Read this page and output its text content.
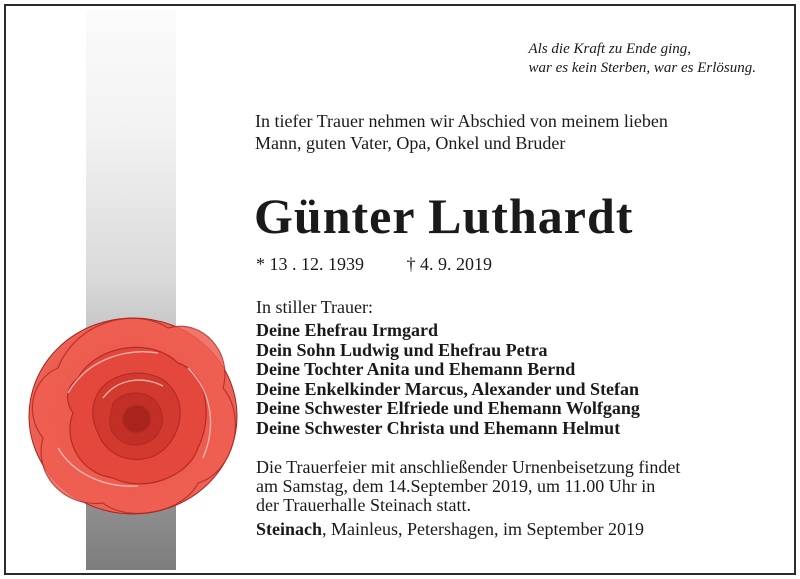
Als die Kraft zu Ende ging,
war es kein Sterben, war es Erlösung.
In tiefer Trauer nehmen wir Abschied von meinem lieben
Mann, guten Vater, Opa, Onkel und Bruder
Günter Luthardt
* 13 . 12. 1939 † 4. 9. 2019
In stiller Trauer:
Deine Ehefrau Irmgard
Dein Sohn Ludwig und Ehefrau Petra
Deine Tochter Anita und Ehemann Bernd
Deine Enkelkinder Marcus, Alexander und Stefan
Deine Schwester Elfriede und Ehemann Wolfgang
Deine Schwester Christa und Ehemann Helmut
Die Trauerfeier mit anschließender Urnenbeisetzung findet
am Samstag, dem 14.September 2019, um 11.00 Uhr in
der Trauerhalle Steinach statt.
Steinach, Mainleus, Petershagen, im September 2019
